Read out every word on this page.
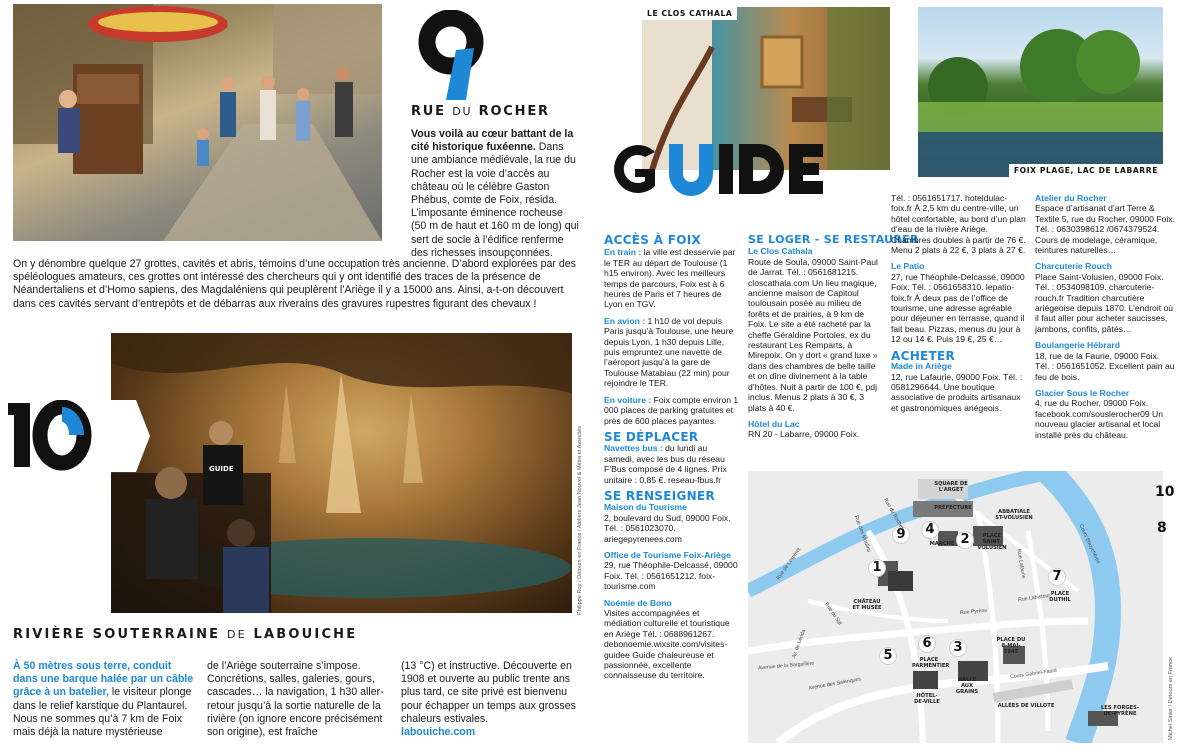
RUE DU ROCHER
Vous voilà au cœur battant de la cité historique fuxéenne. Dans une ambiance médiévale, la rue du Rocher est la voie d’accès au château où le célèbre Gaston Phébus, comte de Foix, résida. L’imposante éminence rocheuse (50 m de haut et 160 m de long) qui sert de socle à l’édifice renferme des richesses insoupçonnées.
On y dénombre quelque 27 grottes, cavités et abris, témoins d’une occupation très ancienne. D’abord explorées par des spéléologues amateurs, ces grottes ont intéressé des chercheurs qui y ont identifié des traces de la présence de Néandertaliens et d’Homo sapiens, des Magdaléniens qui peuplèrent l’Ariège il y a 15000 ans. Ainsi, a-t-on découvert dans ces cavités servant d’entrepôts et de débarras aux riverains des gravures rupestres figurant des chevaux !
GUIDE	Philippe Roy / Détours en France / Ateliers Jean Nouvel & Métra et Associés
RIVIÈRE SOUTERRAINE DE LABOUICHE
À 50 mètres sous terre, conduit dans une barque halée par un câble grâce à un batelier, le visiteur plonge dans le relief karstique du Plantaurel. Nous ne sommes qu’à 7 km de Foix mais déjà la nature mystérieuse
de l’Ariège souterraine s’impose. Concrétions, salles, galeries, gours, cascades… la navigation, 1 h30 aller-retour jusqu’à la sortie naturelle de la rivière (on ignore encore précisément son origine), est fraîche
(13 °C) et instructive. Découverte en 1908 et ouverte au public trente ans plus tard, ce site privé est bienvenu pour échapper un temps aux grosses chaleurs estivales.
labouiche.com
LE CLOS CATHALA
FOIX PLAGE, LAC DE LABARRE
GUIDE
ACCÈS À FOIX

En train : la ville est desservie par le TER au départ de Toulouse (1 h15 environ). Avec les meilleurs temps de parcours, Foix est à 6 heures de Paris et 7 heures de Lyon en TGV.

En avion : 1 h10 de vol depuis Paris jusqu’à Toulouse, une heure depuis Lyon, 1 h30 depuis Lille, puis empruntez une navette de l’aéroport jusqu’à la gare de Toulouse Matabiau (22 min) pour rejoindre le TER.

En voiture : Foix compte environ 1 000 places de parking gratuites et près de 600 places payantes.

SE DÉPLACER

Navettes bus : du lundi au samedi, avec les bus du réseau F’Bus composé de 4 lignes. Prix unitaire : 0,85 €. reseau-fbus.fr

SE RENSEIGNER

Maison du Tourisme
2, boulevard du Sud, 09000 Foix. Tél. : 0561023070. ariegepyrenees.com

Office de Tourisme Foix-Ariège
29, rue Théophile-Delcassé, 09000 Foix. Tél. : 0561651212. foix-tourisme.com

Noémie de Bono
Visites accompagnées et médiation culturelle et touristique en Ariège Tél. : 0688961267. debonoemie.wixsite.com/visites-guidee Guide chaleureuse et passionnée, excellente connaisseuse du territoire.

SE LOGER - SE RESTAURER

Le Clos Cathala
Route de Soula, 09000 Saint-Paul de Jarrat. Tél. : 0561681215. closcathala.com Un lieu magique, ancienne maison de Capitoul toulousain posée au milieu de forêts et de prairies, à 9 km de Foix. Le site a été racheté par la cheffe Géraldine Portoles, ex du restaurant Les Remparts, à Mirepoix. On y dort « grand luxe » dans des chambres de belle taille et on dîne divinement à la table d’hôtes. Nuit à partir de 100 €, pdj inclus. Menus 2 plats à 30 €, 3 plats à 40 €.

Hôtel du Lac
RN 20 - Labarre, 09000 Foix.

Tél. : 0561651717. hoteldulac-foix.fr À 2,5 km du centre-ville, un hôtel confortable, au bord d’un plan d’eau de la rivière Ariège. Chambres doubles à partir de 76 €. Menu 2 plats à 22 €, 3 plats à 27 €.

Le Patio
27, rue Théophile-Delcassé, 09000 Foix. Tél. : 0561658310. lepatio-foix.fr À deux pas de l’office de tourisme, une adresse agréable pour déjeuner en terrasse, quand il fait beau. Pizzas, menus du jour à 12 ou 14 €. Puis 19 €, 25 €…

ACHETER

Made in Ariège
12, rue Lafaurie, 09000 Foix. Tél. : 0581296644. Une boutique associative de produits artisanaux et gastronomiques ariégeois.

Atelier du Rocher
Espace d’artisanat d’art Terre & Textile 5, rue du Rocher, 09000 Foix. Tél. : 0630398612 /0674379524. Cours de modelage, céramique, teintures naturelles…

Charcuterie Rouch
Place Saint-Volusien, 09000 Foix. Tél. : 0534098109. charcuterie-rouch.fr Tradition charcutière ariégeoise depuis 1870. L’endroit où il faut aller pour acheter saucisses, jambons, confits, pâtés…

Boulangerie Hébrard
18, rue de la Faurie, 09000 Foix. Tél. : 0561651052. Excellent pain au feu de bois.

Glacier Sous le Rocher
4, rue du Rocher, 09000 Foix. facebook.com/souslerocher09 Un nouveau glacier artisanal et local installé près du château.

1
2
3
4
5
6
7
9
SQUARE DE L'ARGET
PRÉFECTURE
ABBATIALE ST-VOLUSIEN
MARCHÉ
PLACE SAINT-VOLUSIEN
CHÂTEAU ET MUSÉE
PLACE DUTHIL
PLACE DU 8-MAI-1945
PLACE PARMENTIER
HÔTEL-DE-VILLE
HALLE AUX GRAINS
ALLÉES DE VILLOTE	LES FORGES-DE-PYRÈNE
Rue de Lespinet
Rue du Sgt
Av. de Lérida
Avenue de la Barguillère
Avenue des Salenques
Rue Pyrène
Rue Labistour
Cours Gabriel-Fauré
Cours Bouychères
Rue Lafaurie
Rue du Rocher
Rue des Moulins
10
8
Michel Sinier / Détours en France
